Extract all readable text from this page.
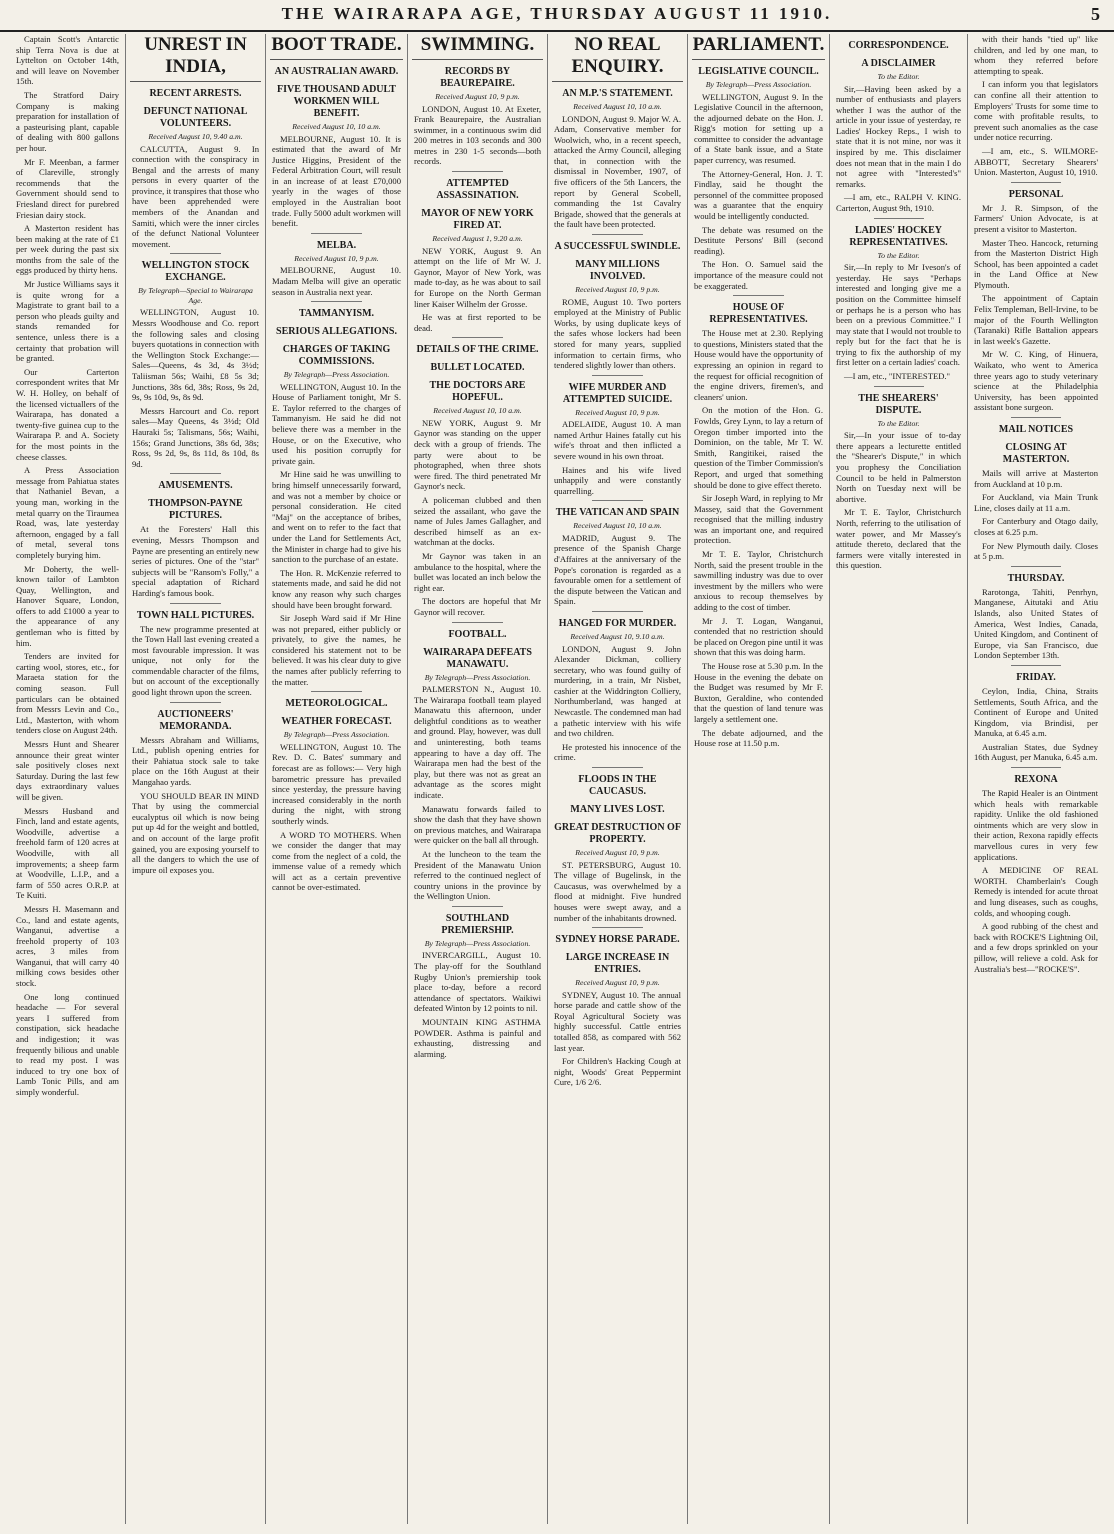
THE WAIRARAPA AGE, THURSDAY AUGUST 11 1910.	5

Captain Scott's Antarctic ship Terra Nova is due at Lyttelton on October 14th, and will leave on November 15th.

The Stratford Dairy Company is making preparation for installation of a pasteurising plant, capable of dealing with 800 gallons per hour.

Mr F. Meenban, a farmer of Clareville, strongly recommends that the Government should send to Friesland direct for purebred Friesian dairy stock.

A Masterton resident has been making at the rate of £1 per week during the past six months from the sale of the eggs produced by thirty hens.

Mr Justice Williams says it is quite wrong for a Magistrate to grant bail to a person who pleads guilty and stands remanded for sentence, unless there is a certainty that probation will be granted.

Our Carterton correspondent writes that Mr W. H. Holley, on behalf of the licensed victuallers of the Wairarapa, has donated a twenty-five guinea cup to the Wairarapa P. and A. Society for the most points in the cheese classes.

A Press Association message from Pahiatua states that Nathaniel Bevan, a young man, working in the metal quarry on the Tiraumea Road, was, late yesterday afternoon, engaged by a fall of metal, several tons completely burying him.

Mr Doherty, the well-known tailor of Lambton Quay, Wellington, and Hanover Square, London, offers to add £1000 a year to the appearance of any gentleman who is fitted by him.

Tenders are invited for carting wool, stores, etc., for Maraeta station for the coming season. Full particulars can be obtained from Messrs Levin and Co., Ltd., Masterton, with whom tenders close on August 24th.

Messrs Hunt and Shearer announce their great winter sale positively closes next Saturday. During the last few days extraordinary values will be given.

Messrs Husband and Finch, land and estate agents, Woodville, advertise a freehold farm of 120 acres at Woodville, with all improvements; a sheep farm at Woodville, L.I.P., and a farm of 550 acres O.R.P. at Te Kuiti.

Messrs H. Masemann and Co., land and estate agents, Wanganui, advertise a freehold property of 103 acres, 3 miles from Wanganui, that will carry 40 milking cows besides other stock.

One long continued headache — For several years I suffered from constipation, sick headache and indigestion; it was frequently bilious and unable to read my post. I was induced to try one box of Lamb Tonic Pills, and am simply wonderful.

UNREST IN INDIA,
RECENT ARRESTS.
DEFUNCT NATIONAL VOLUNTEERS.
Received August 10, 9.40 a.m.

CALCUTTA, August 9. In connection with the conspiracy in Bengal and the arrests of many persons in every quarter of the province, it transpires that those who have been apprehended were members of the Anandan and Samiti, which were the inner circles of the defunct National Volunteer movement.

WELLINGTON STOCK EXCHANGE.
By Telegraph—Special to Wairarapa Age.

WELLINGTON, August 10. Messrs Woodhouse and Co. report the following sales and closing buyers quotations in connection with the Wellington Stock Exchange:— Sales—Queens, 4s 3d, 4s 3½d; Taliisman 56s; Waihi, £8 5s 3d; Junctions, 38s 6d, 38s; Ross, 9s 2d, 9s, 9s 10d, 9s, 8s 9d.

Messrs Harcourt and Co. report sales—May Queens, 4s 3½d; Old Hauraki 5s; Talismans, 56s; Waihi, 156s; Grand Junctions, 38s 6d, 38s; Ross, 9s 2d, 9s, 8s 11d, 8s 10d, 8s 9d.

AMUSEMENTS.
THOMPSON-PAYNE PICTURES.

At the Foresters' Hall this evening, Messrs Thompson and Payne are presenting an entirely new series of pictures. One of the "star" subjects will be "Ransom's Folly," a special adaptation of Richard Harding's famous book.

TOWN HALL PICTURES.

The new programme presented at the Town Hall last evening created a most favourable impression. It was unique, not only for the commendable character of the films, but on account of the exceptionally good light thrown upon the screen.

AUCTIONEERS' MEMORANDA.

Messrs Abraham and Williams, Ltd., publish opening entries for their Pahiatua stock sale to take place on the 16th August at their Mangahao yards.

YOU SHOULD BEAR IN MIND That by using the commercial eucalyptus oil which is now being put up 4d for the weight and bottled, and on account of the large profit gained, you are exposing yourself to all the dangers to which the use of impure oil exposes you.

BOOT TRADE.
AN AUSTRALIAN AWARD.
FIVE THOUSAND ADULT WORKMEN WILL BENEFIT.
Received August 10, 10 a.m.

MELBOURNE, August 10. It is estimated that the award of Mr Justice Higgins, President of the Federal Arbitration Court, will result in an increase of at least £70,000 yearly in the wages of those employed in the Australian boot trade. Fully 5000 adult workmen will benefit.

MELBA.
Received August 10, 9 p.m.

MELBOURNE, August 10. Madam Melba will give an operatic season in Australia next year.

TAMMANYISM.
SERIOUS ALLEGATIONS.
CHARGES OF TAKING COMMISSIONS.
By Telegraph—Press Association.

WELLINGTON, August 10. In the House of Parliament tonight, Mr S. E. Taylor referred to the charges of Tammanyism. He said he did not believe there was a member in the House, or on the Executive, who used his position corruptly for private gain.

Mr Hine said he was unwilling to bring himself unnecessarily forward, and was not a member by choice or personal consideration. He cited "Maj" on the acceptance of bribes, and went on to refer to the fact that under the Land for Settlements Act, the Minister in charge had to give his sanction to the purchase of an estate.

The Hon. R. McKenzie referred to statements made, and said he did not know any reason why such charges should have been brought forward.

Sir Joseph Ward said if Mr Hine was not prepared, either publicly or privately, to give the names, he considered his statement not to be believed. It was his clear duty to give the names after publicly referring to the matter.

METEOROLOGICAL.
WEATHER FORECAST.
By Telegraph—Press Association.

WELLINGTON, August 10. The Rev. D. C. Bates' summary and forecast are as follows:— Very high barometric pressure has prevailed since yesterday, the pressure having increased considerably in the north during the night, with strong southerly winds.

A WORD TO MOTHERS. When we consider the danger that may come from the neglect of a cold, the immense value of a remedy which will act as a certain preventive cannot be over-estimated.

SWIMMING.
RECORDS BY BEAUREPAIRE.
Received August 10, 9 p.m.

LONDON, August 10. At Exeter, Frank Beaurepaire, the Australian swimmer, in a continuous swim did 200 metres in 103 seconds and 300 metres in 230 1-5 seconds—both records.

ATTEMPTED ASSASSINATION.
MAYOR OF NEW YORK FIRED AT.
Received August 1, 9.20 a.m.

NEW YORK, August 9. An attempt on the life of Mr W. J. Gaynor, Mayor of New York, was made to-day, as he was about to sail for Europe on the North German liner Kaiser Wilhelm der Grosse.

He was at first reported to be dead.

DETAILS OF THE CRIME.
BULLET LOCATED.
THE DOCTORS ARE HOPEFUL.
Received August 10, 10 a.m.

NEW YORK, August 9. Mr Gaynor was standing on the upper deck with a group of friends. The party were about to be photographed, when three shots were fired. The third penetrated Mr Gaynor's neck.

A policeman clubbed and then seized the assailant, who gave the name of Jules James Gallagher, and described himself as an ex-watchman at the docks.

Mr Gaynor was taken in an ambulance to the hospital, where the bullet was located an inch below the right ear.

The doctors are hopeful that Mr Gaynor will recover.

FOOTBALL.
WAIRARAPA DEFEATS MANAWATU.
By Telegraph—Press Association.

PALMERSTON N., August 10. The Wairarapa football team played Manawatu this afternoon, under delightful conditions as to weather and ground. Play, however, was dull and uninteresting, both teams appearing to have a day off. The Wairarapa men had the best of the play, but there was not as great an advantage as the scores might indicate.

Manawatu forwards failed to show the dash that they have shown on previous matches, and Wairarapa were quicker on the ball all through.

At the luncheon to the team the President of the Manawatu Union referred to the continued neglect of country unions in the province by the Wellington Union.

SOUTHLAND PREMIERSHIP.
By Telegraph—Press Association.

INVERCARGILL, August 10. The play-off for the Southland Rugby Union's premiership took place to-day, before a record attendance of spectators. Waikiwi defeated Winton by 12 points to nil.

MOUNTAIN KING ASTHMA POWDER. Asthma is painful and exhausting, distressing and alarming.

NO REAL ENQUIRY.
AN M.P.'S STATEMENT.
Received August 10, 10 a.m.

LONDON, August 9. Major W. A. Adam, Conservative member for Woolwich, who, in a recent speech, attacked the Army Council, alleging that, in connection with the dismissal in November, 1907, of five officers of the 5th Lancers, the report by General Scobell, commanding the 1st Cavalry Brigade, showed that the generals at the fault have been protected.

A SUCCESSFUL SWINDLE.
MANY MILLIONS INVOLVED.
Received August 10, 9 p.m.

ROME, August 10. Two porters employed at the Ministry of Public Works, by using duplicate keys of the safes whose lockers had been stored for many years, supplied information to certain firms, who tendered slightly lower than others.

WIFE MURDER AND ATTEMPTED SUICIDE.
Received August 10, 9 p.m.

ADELAIDE, August 10. A man named Arthur Haines fatally cut his wife's throat and then inflicted a severe wound in his own throat.

Haines and his wife lived unhappily and were constantly quarrelling.

THE VATICAN AND SPAIN
Received August 10, 10 a.m.

MADRID, August 9. The presence of the Spanish Charge d'Affaires at the anniversary of the Pope's coronation is regarded as a favourable omen for a settlement of the dispute between the Vatican and Spain.

HANGED FOR MURDER.
Received August 10, 9.10 a.m.

LONDON, August 9. John Alexander Dickman, colliery secretary, who was found guilty of murdering, in a train, Mr Nisbet, cashier at the Widdrington Colliery, Northumberland, was hanged at Newcastle. The condemned man had a pathetic interview with his wife and two children.

He protested his innocence of the crime.

FLOODS IN THE CAUCASUS.
MANY LIVES LOST.
GREAT DESTRUCTION OF PROPERTY.
Received August 10, 9 p.m.

ST. PETERSBURG, August 10. The village of Bugelinsk, in the Caucasus, was overwhelmed by a flood at midnight. Five hundred houses were swept away, and a number of the inhabitants drowned.

SYDNEY HORSE PARADE.
LARGE INCREASE IN ENTRIES.
Received August 10, 9 p.m.

SYDNEY, August 10. The annual horse parade and cattle show of the Royal Agricultural Society was highly successful. Cattle entries totalled 858, as compared with 562 last year.

For Children's Hacking Cough at night, Woods' Great Peppermint Cure, 1/6 2/6.

PARLIAMENT.
LEGISLATIVE COUNCIL.
By Telegraph—Press Association.

WELLINGTON, August 9. In the Legislative Council in the afternoon, the adjourned debate on the Hon. J. Rigg's motion for setting up a committee to consider the advantage of a State bank issue, and a State paper currency, was resumed.

The Attorney-General, Hon. J. T. Findlay, said he thought the personnel of the committee proposed was a guarantee that the enquiry would be intelligently conducted.

The debate was resumed on the Destitute Persons' Bill (second reading).

The Hon. O. Samuel said the importance of the measure could not be exaggerated.

HOUSE OF REPRESENTATIVES.

The House met at 2.30. Replying to questions, Ministers stated that the House would have the opportunity of expressing an opinion in regard to the request for official recognition of the engine drivers, firemen's, and cleaners' union.

On the motion of the Hon. G. Fowlds, Grey Lynn, to lay a return of Oregon timber imported into the Dominion, on the table, Mr T. W. Smith, Rangitikei, raised the question of the Timber Commission's Report, and urged that something should be done to give effect thereto.

Sir Joseph Ward, in replying to Mr Massey, said that the Government recognised that the milling industry was an important one, and required protection.

Mr T. E. Taylor, Christchurch North, said the present trouble in the sawmilling industry was due to over investment by the millers who were anxious to recoup themselves by adding to the cost of timber.

Mr J. T. Logan, Wanganui, contended that no restriction should be placed on Oregon pine until it was shown that this was doing harm.

The House rose at 5.30 p.m. In the House in the evening the debate on the Budget was resumed by Mr F. Buxton, Geraldine, who contended that the question of land tenure was largely a settlement one.

The debate adjourned, and the House rose at 11.50 p.m.

CORRESPONDENCE.
A DISCLAIMER
To the Editor.

Sir,—Having been asked by a number of enthusiasts and players whether I was the author of the article in your issue of yesterday, re Ladies' Hockey Reps., I wish to state that it is not mine, nor was it inspired by me. This disclaimer does not mean that in the main I do not agree with "Interested's" remarks.

—I am, etc., RALPH V. KING. Carterton, August 9th, 1910.

LADIES' HOCKEY REPRESENTATIVES.
To the Editor.

Sir,—In reply to Mr Iveson's of yesterday. He says "Perhaps interested and longing give me a position on the Committee himself or perhaps he is a person who has been on a previous Committee." I may state that I would not trouble to reply but for the fact that he is trying to fix the authorship of my first letter on a certain ladies' coach.

—I am, etc., "INTERESTED."

THE SHEARERS' DISPUTE.
To the Editor.

Sir,—In your issue of to-day there appears a lecturette entitled the "Shearer's Dispute," in which you prophesy the Conciliation Council to be held in Palmerston North on Tuesday next will be abortive.

Mr T. E. Taylor, Christchurch North, referring to the utilisation of water power, and Mr Massey's attitude thereto, declared that the farmers were vitally interested in this question.

with their hands "tied up" like children, and led by one man, to whom they referred before attempting to speak.

I can inform you that legislators can confine all their attention to Employers' Trusts for some time to come with profitable results, to prevent such anomalies as the case under notice recurring.

—I am, etc., S. WILMORE-ABBOTT, Secretary Shearers' Union. Masterton, August 10, 1910.

PERSONAL

Mr J. R. Simpson, of the Farmers' Union Advocate, is at present a visitor to Masterton.

Master Theo. Hancock, returning from the Masterton District High School, has been appointed a cadet in the Land Office at New Plymouth.

The appointment of Captain Felix Templeman, Bell-Irvine, to be major of the Fourth Wellington (Taranaki) Rifle Battalion appears in last week's Gazette.

Mr W. C. King, of Hinuera, Waikato, who went to America three years ago to study veterinary science at the Philadelphia University, has been appointed assistant bone surgeon.

MAIL NOTICES
CLOSING AT MASTERTON.

Mails will arrive at Masterton from Auckland at 10 p.m.

For Auckland, via Main Trunk Line, closes daily at 11 a.m.

For Canterbury and Otago daily, closes at 6.25 p.m.

For New Plymouth daily. Closes at 5 p.m.

THURSDAY.

Rarotonga, Tahiti, Penrhyn, Manganese, Aitutaki and Atiu Islands, also United States of America, West Indies, Canada, United Kingdom, and Continent of Europe, via San Francisco, due London September 13th.

FRIDAY.

Ceylon, India, China, Straits Settlements, South Africa, and the Continent of Europe and United Kingdom, via Brindisi, per Manuka, at 6.45 a.m.

Australian States, due Sydney 16th August, per Manuka, 6.45 a.m.

REXONA

The Rapid Healer is an Ointment which heals with remarkable rapidity. Unlike the old fashioned ointments which are very slow in their action, Rexona rapidly effects marvellous cures in very few applications.

A MEDICINE OF REAL WORTH. Chamberlain's Cough Remedy is intended for acute throat and lung diseases, such as coughs, colds, and whooping cough.

A good rubbing of the chest and back with ROCKE'S Lightning Oil, and a few drops sprinkled on your pillow, will relieve a cold. Ask for Australia's best—"ROCKE'S".
